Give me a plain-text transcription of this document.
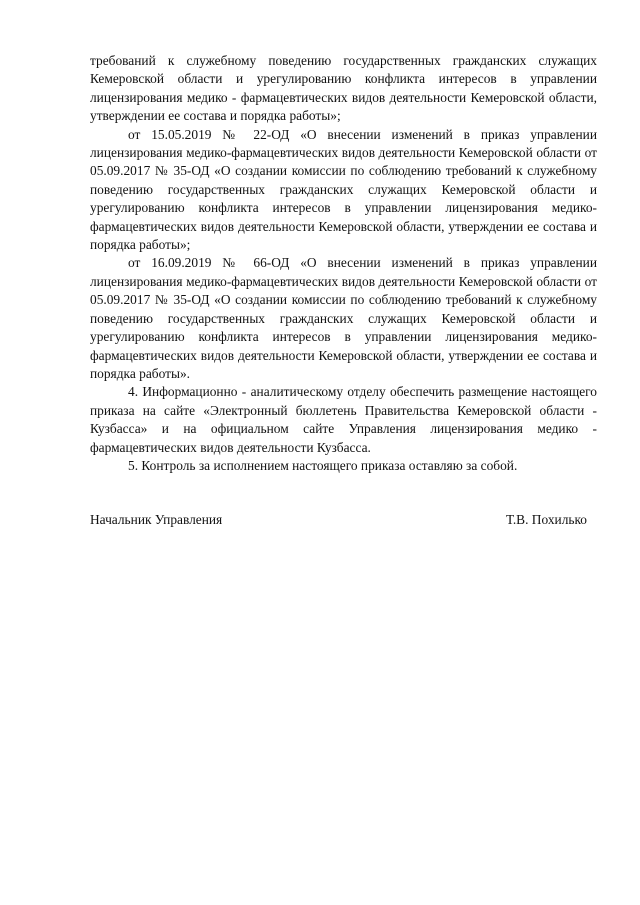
требований к служебному поведению государственных гражданских служащих Кемеровской области и урегулированию конфликта интересов в управлении лицензирования медико - фармацевтических видов деятельности Кемеровской области, утверждении ее состава и порядка работы»;

от 15.05.2019 № 22-ОД «О внесении изменений в приказ управлении лицензирования медико-фармацевтических видов деятельности Кемеровской области от 05.09.2017 № 35-ОД «О создании комиссии по соблюдению требований к служебному поведению государственных гражданских служащих Кемеровской области и урегулированию конфликта интересов в управлении лицензирования медико-фармацевтических видов деятельности Кемеровской области, утверждении ее состава и порядка работы»;

от 16.09.2019 № 66-ОД «О внесении изменений в приказ управлении лицензирования медико-фармацевтических видов деятельности Кемеровской области от 05.09.2017 № 35-ОД «О создании комиссии по соблюдению требований к служебному поведению государственных гражданских служащих Кемеровской области и урегулированию конфликта интересов в управлении лицензирования медико-фармацевтических видов деятельности Кемеровской области, утверждении ее состава и порядка работы».

4. Информационно - аналитическому отделу обеспечить размещение настоящего приказа на сайте «Электронный бюллетень Правительства Кемеровской области - Кузбасса» и на официальном сайте Управления лицензирования медико - фармацевтических видов деятельности Кузбасса.

5. Контроль за исполнением настоящего приказа оставляю за собой.

Начальник Управления	Т.В. Похилько
